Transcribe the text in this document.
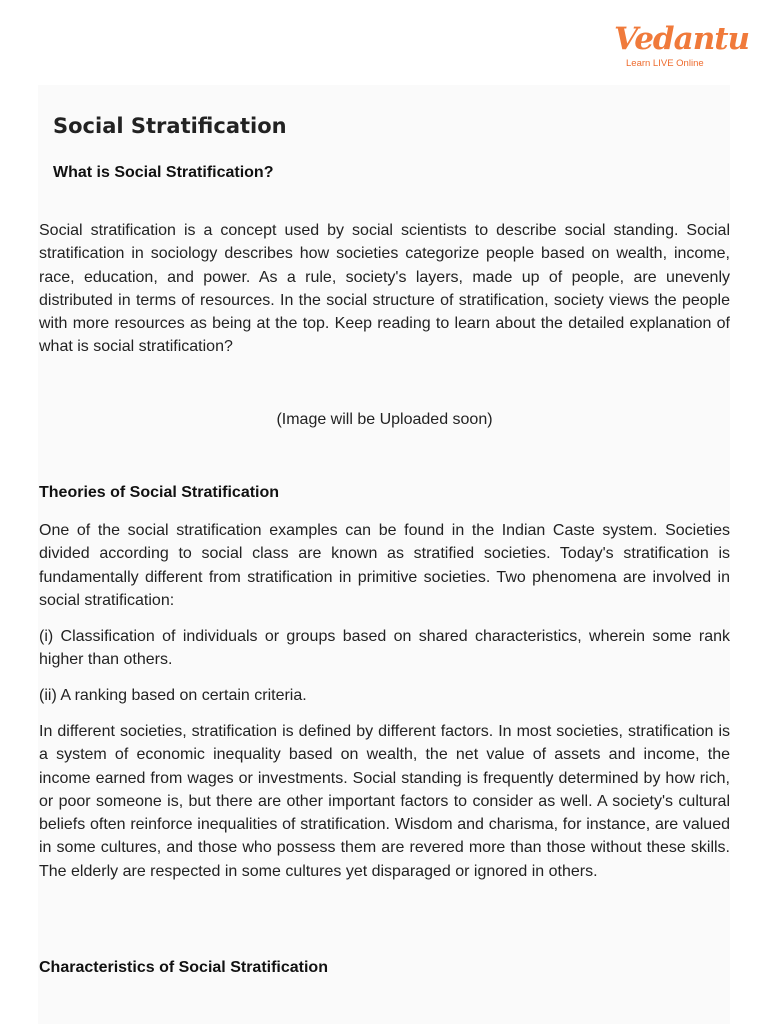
Vedantu
Learn LIVE Online
Social Stratification
What is Social Stratification?

Social stratification is a concept used by social scientists to describe social standing. Social stratification in sociology describes how societies categorize people based on wealth, income, race, education, and power. As a rule, society's layers, made up of people, are unevenly distributed in terms of resources. In the social structure of stratification, society views the people with more resources as being at the top. Keep reading to learn about the detailed explanation of what is social stratification?

(Image will be Uploaded soon)
Theories of Social Stratification

One of the social stratification examples can be found in the Indian Caste system. Societies divided according to social class are known as stratified societies. Today's stratification is fundamentally different from stratification in primitive societies. Two phenomena are involved in social stratification:

(i) Classification of individuals or groups based on shared characteristics, wherein some rank higher than others.

(ii) A ranking based on certain criteria.

In different societies, stratification is defined by different factors. In most societies, stratification is a system of economic inequality based on wealth, the net value of assets and income, the income earned from wages or investments. Social standing is frequently determined by how rich, or poor someone is, but there are other important factors to consider as well. A society's cultural beliefs often reinforce inequalities of stratification. Wisdom and charisma, for instance, are valued in some cultures, and those who possess them are revered more than those without these skills. The elderly are respected in some cultures yet disparaged or ignored in others.

Characteristics of Social Stratification
